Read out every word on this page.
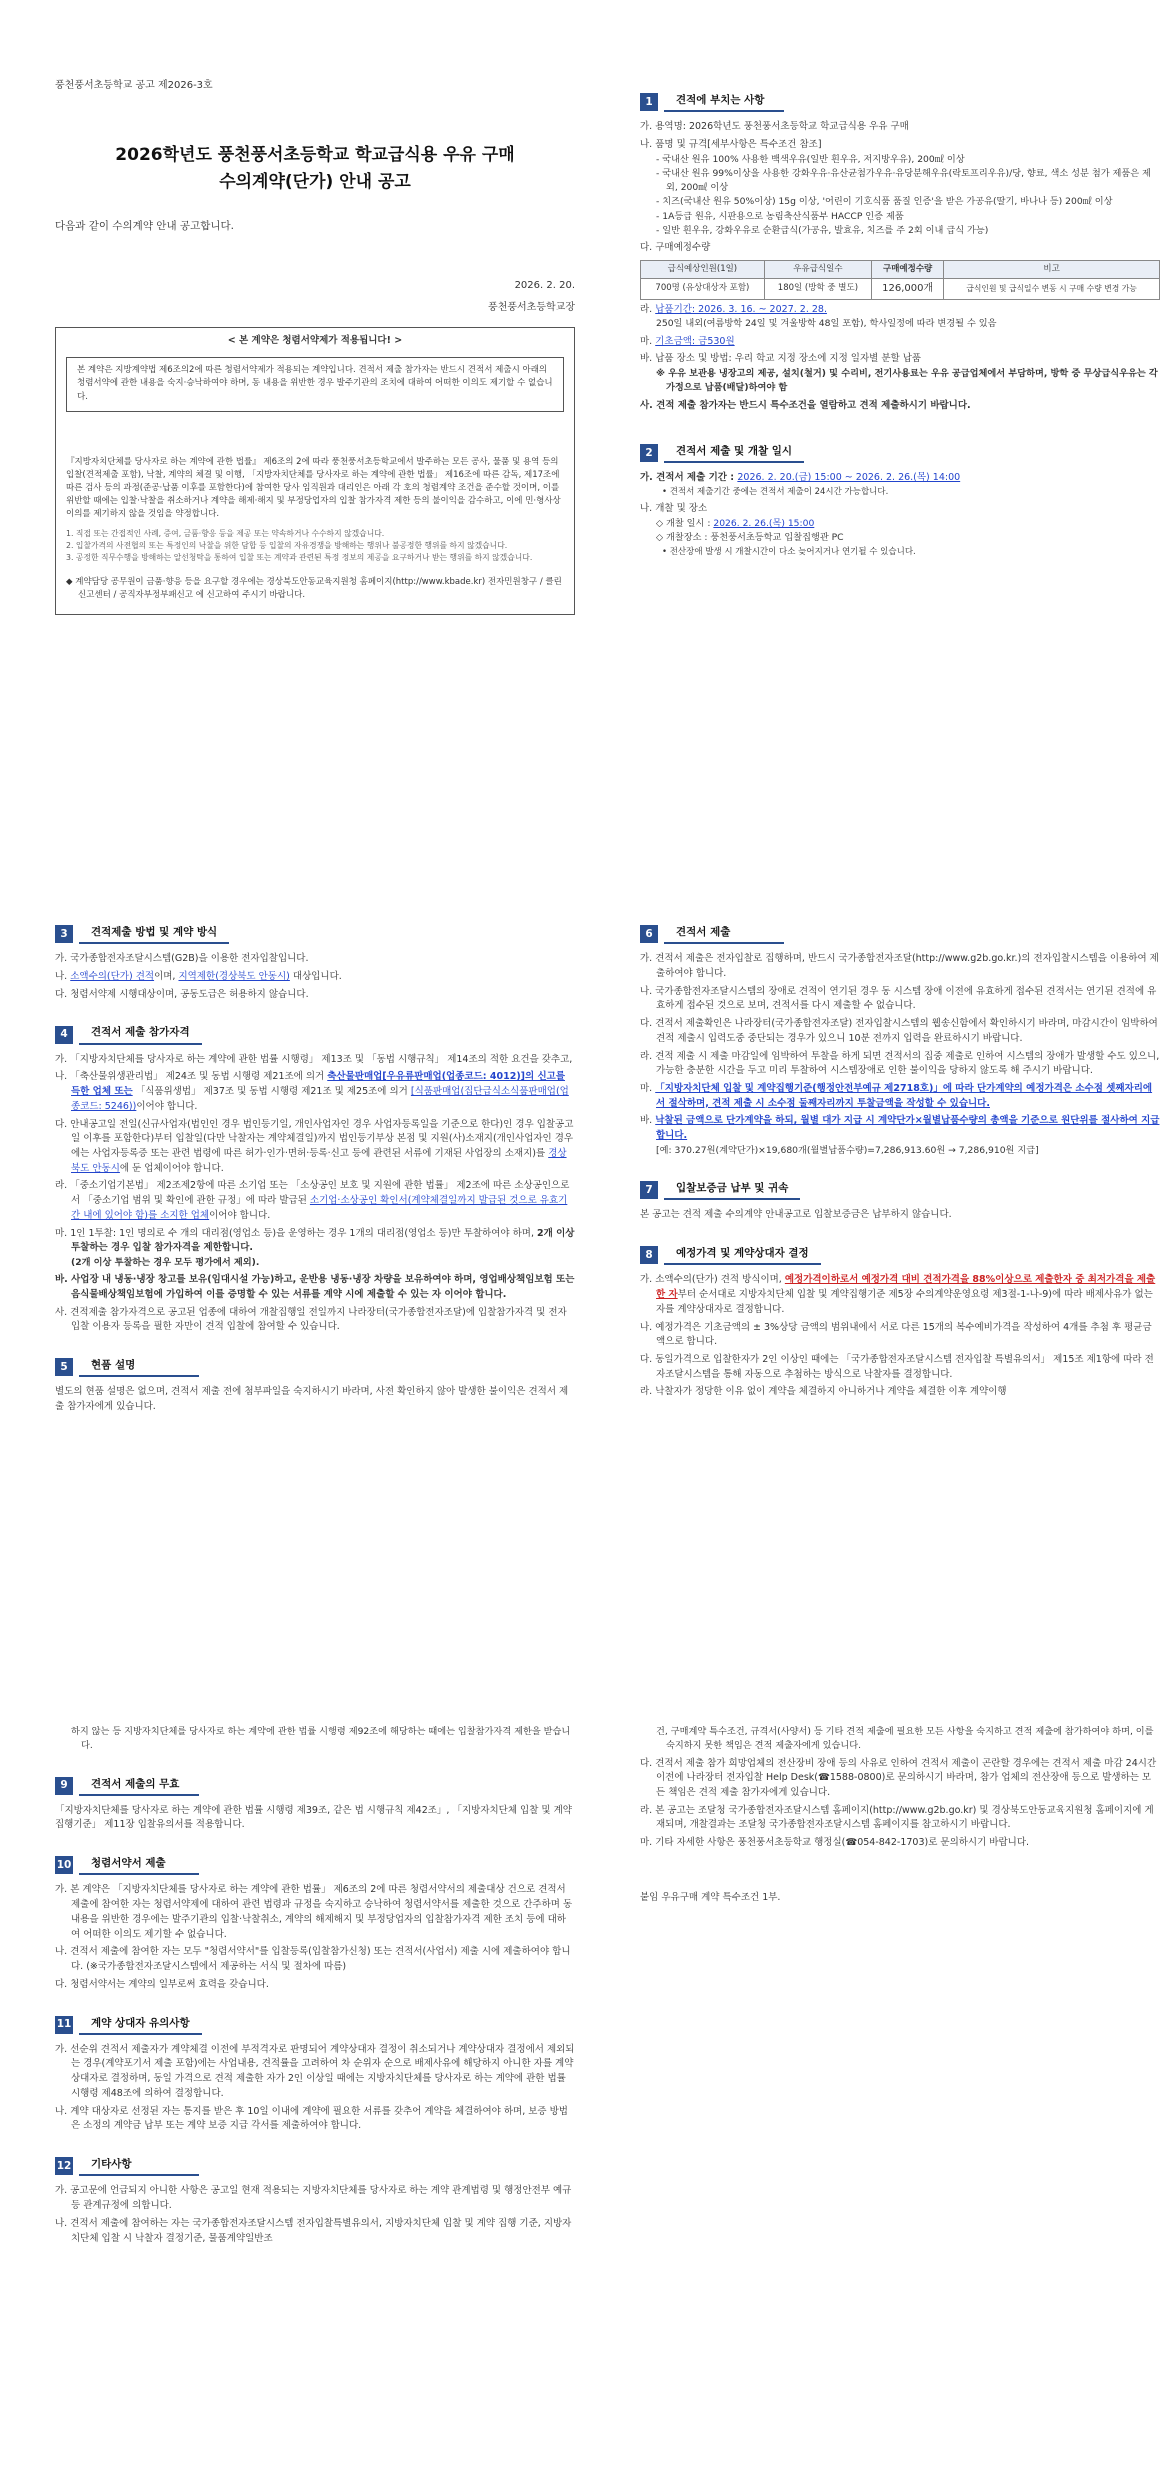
풍천풍서초등학교 공고 제2026-3호
2026학년도 풍천풍서초등학교 학교급식용 우유 구매
수의계약(단가) 안내 공고
다음과 같이 수의계약 안내 공고합니다.
2026. 2. 20.
풍천풍서초등학교장
< 본 계약은 청렴서약제가 적용됩니다! >
본 계약은 지방계약법 제6조의2에 따른 청렴서약제가 적용되는 계약입니다. 견적서 제출 참가자는 반드시 견적서 제출시 아래의 청렴서약에 관한 내용을 숙지·승낙하여야 하며, 동 내용을 위반한 경우 발주기관의 조치에 대하여 어떠한 이의도 제기할 수 없습니다.

『지방자치단체를 당사자로 하는 계약에 관한 법률』 제6조의 2에 따라 풍천풍서초등학교에서 발주하는 모든 공사, 물품 및 용역 등의 입찰(견적제출 포함), 낙찰, 계약의 체결 및 이행, 「지방자치단체를 당사자로 하는 계약에 관한 법률」 제16조에 따른 감독, 제17조에 따른 검사 등의 과정(준공·납품 이후를 포함한다)에 참여한 당사 임직원과 대리인은 아래 각 호의 청렴계약 조건을 준수할 것이며, 이를 위반할 때에는 입찰·낙찰을 취소하거나 계약을 해제·해지 및 부정당업자의 입찰 참가자격 제한 등의 불이익을 감수하고, 이에 민·형사상 이의를 제기하지 않을 것임을 약정합니다.

1. 직접 또는 간접적인 사례, 증여, 금품·향응 등을 제공 또는 약속하거나 수수하지 않겠습니다.
2. 입찰가격의 사전협의 또는 특정인의 낙찰을 위한 담합 등 입찰의 자유경쟁을 방해하는 행위나 불공정한 행위를 하지 않겠습니다.
3. 공정한 직무수행을 방해하는 알선청탁을 통하여 입찰 또는 계약과 관련된 특정 정보의 제공을 요구하거나 받는 행위를 하지 않겠습니다.
◆ 계약담당 공무원이 금품·향응 등을 요구할 경우에는 경상북도안동교육지원청 홈페이지(http://www.kbade.kr) 전자민원창구 / 클린신고센터 / 공직자부정부패신고 에 신고하여 주시기 바랍니다.
1	견적에 부치는 사항
가. 용역명: 2026학년도 풍천풍서초등학교 학교급식용 우유 구매
나. 품명 및 규격[세부사항은 특수조건 참조]
- 국내산 원유 100% 사용한 백색우유(일반 흰우유, 저지방우유), 200㎖ 이상
- 국내산 원유 99%이상을 사용한 강화우유·유산균첨가우유·유당분해우유(락토프리우유)/당, 향료, 색소 성분 첨가 제품은 제외, 200㎖ 이상
- 치즈(국내산 원유 50%이상) 15g 이상, '어린이 기호식품 품질 인증'을 받은 가공유(딸기, 바나나 등) 200㎖ 이상
- 1A등급 원유, 시판용으로 농림축산식품부 HACCP 인증 제품
- 일반 흰우유, 강화우유로 순환급식(가공유, 발효유, 치즈를 주 2회 이내 급식 가능)
다. 구매예정수량
급식예상인원(1일)	우유급식일수	구매예정수량	비고
700명 (유상대상자 포함)	180일 (방학 중 별도)	126,000개	급식인원 및 급식일수 변동 시 구매 수량 변경 가능
라. 납품기간: 2026. 3. 16. ~ 2027. 2. 28.
250일 내외(여름방학 24일 및 겨울방학 48일 포함), 학사일정에 따라 변경될 수 있음
마. 기초금액: 금530원
바. 납품 장소 및 방법: 우리 학교 지정 장소에 지정 일자별 분할 납품
※ 우유 보관용 냉장고의 제공, 설치(철거) 및 수리비, 전기사용료는 우유 공급업체에서 부담하며, 방학 중 무상급식우유는 각 가정으로 납품(배달)하여야 함
사. 견적 제출 참가자는 반드시 특수조건을 열람하고 견적 제출하시기 바랍니다.
2	견적서 제출 및 개찰 일시
가. 견적서 제출 기간 : 2026. 2. 20.(금) 15:00 ~ 2026. 2. 26.(목) 14:00
• 견적서 제출기간 중에는 견적서 제출이 24시간 가능합니다.
나. 개찰 및 장소
◇ 개찰 일시 : 2026. 2. 26.(목) 15:00
◇ 개찰장소 : 풍천풍서초등학교 입찰집행관 PC
• 전산장애 발생 시 개찰시간이 다소 늦어지거나 연기될 수 있습니다.
3	견적제출 방법 및 계약 방식
가. 국가종합전자조달시스템(G2B)을 이용한 전자입찰입니다.
나. 소액수의(단가) 견적이며, 지역제한(경상북도 안동시) 대상입니다.
다. 청렴서약제 시행대상이며, 공동도급은 허용하지 않습니다.
4	견적서 제출 참가자격
가. 「지방자치단체를 당사자로 하는 계약에 관한 법률 시행령」 제13조 및 「동법 시행규칙」 제14조의 적한 요건을 갖추고,
나. 「축산물위생관리법」 제24조 및 동법 시행령 제21조에 의거 축산물판매업[우유류판매업(업종코드: 4012)]의 신고를 득한 업체 또는 「식품위생법」 제37조 및 동법 시행령 제21조 및 제25조에 의거 [식품판매업(집단급식소식품판매업(업종코드: 5246))이어야 합니다.
다. 안내공고일 전일(신규사업자(법인인 경우 법인등기일, 개인사업자인 경우 사업자등록일을 기준으로 한다)인 경우 입찰공고일 이후를 포함한다)부터 입찰일(다만 낙찰자는 계약체결일)까지 법인등기부상 본점 및 지원(사)소재지(개인사업자인 경우에는 사업자등록증 또는 관련 법령에 따른 허가·인가·면허·등록·신고 등에 관련된 서류에 기재된 사업장의 소재지)를 경상북도 안동시에 둔 업체이어야 합니다.
라. 「중소기업기본법」 제2조제2항에 따른 소기업 또는 「소상공인 보호 및 지원에 관한 법률」 제2조에 따른 소상공인으로서 「중소기업 범위 및 확인에 관한 규정」에 따라 발급된 소기업·소상공인 확인서(계약체결일까지 발급된 것으로 유효기간 내에 있어야 함)를 소지한 업체이어야 합니다.
마. 1인 1투찰: 1인 명의로 수 개의 대리점(영업소 등)을 운영하는 경우 1개의 대리점(영업소 등)만 투찰하여야 하며, 2개 이상 투찰하는 경우 입찰 참가자격을 제한합니다.
(2개 이상 투찰하는 경우 모두 평가에서 제외).
바. 사업장 내 냉동·냉장 창고를 보유(임대시설 가능)하고, 운반용 냉동·냉장 차량을 보유하여야 하며, 영업배상책임보험 또는 음식물배상책임보험에 가입하여 이를 증명할 수 있는 서류를 계약 시에 제출할 수 있는 자 이어야 합니다.
사. 견적제출 참가자격으로 공고된 업종에 대하여 개찰집행일 전일까지 나라장터(국가종합전자조달)에 입찰참가자격 및 전자입찰 이용자 등록을 필한 자만이 견적 입찰에 참여할 수 있습니다.
5	현품 설명
별도의 현품 설명은 없으며, 견적서 제출 전에 첨부파일을 숙지하시기 바라며, 사전 확인하지 않아 발생한 불이익은 견적서 제출 참가자에게 있습니다.
6	견적서 제출
가. 견적서 제출은 전자입찰로 집행하며, 반드시 국가종합전자조달(http://www.g2b.go.kr.)의 전자입찰시스템을 이용하여 제출하여야 합니다.
나. 국가종합전자조달시스템의 장애로 견적이 연기된 경우 동 시스템 장애 이전에 유효하게 접수된 견적서는 연기된 견적에 유효하게 접수된 것으로 보며, 견적서를 다시 제출할 수 없습니다.
다. 견적서 제출확인은 나라장터(국가종합전자조달) 전자입찰시스템의 웹송신함에서 확인하시기 바라며, 마감시간이 임박하여 견적 제출시 입력도중 중단되는 경우가 있으니 10분 전까지 입력을 완료하시기 바랍니다.
라. 견적 제출 시 제출 마감일에 임박하여 투찰을 하게 되면 견적서의 집중 제출로 인하여 시스템의 장애가 발생할 수도 있으니, 가능한 충분한 시간을 두고 미리 투찰하여 시스템장애로 인한 불이익을 당하지 않도록 해 주시기 바랍니다.
마. 「지방자치단체 입찰 및 계약집행기준(행정안전부예규 제2718호)」에 따라 단가계약의 예정가격은 소수점 셋째자리에서 절삭하며, 견적 제출 시 소수점 둘째자리까지 투찰금액을 작성할 수 있습니다.
바. 낙찰된 금액으로 단가계약을 하되, 월별 대가 지급 시 계약단가×월별납품수량의 총액을 기준으로 원단위를 절사하여 지급합니다.
[예: 370.27원(계약단가)×19,680개(월별납품수량)=7,286,913.60원 → 7,286,910원 지급]
7	입찰보증금 납부 및 귀속
본 공고는 견적 제출 수의계약 안내공고로 입찰보증금은 납부하지 않습니다.
8	예정가격 및 계약상대자 결정
가. 소액수의(단가) 견적 방식이며, 예정가격이하로서 예정가격 대비 견적가격을 88%이상으로 제출한자 중 최저가격을 제출한 자부터 순서대로 지방자치단체 입찰 및 계약집행기준 제5장 수의계약운영요령 제3절-1-나-9)에 따라 배제사유가 없는 자를 계약상대자로 결정합니다.
나. 예정가격은 기초금액의 ± 3%상당 금액의 범위내에서 서로 다른 15개의 복수예비가격을 작성하여 4개를 추첨 후 평균금액으로 합니다.
다. 동일가격으로 입찰한자가 2인 이상인 때에는 「국가종합전자조달시스템 전자입찰 특별유의서」 제15조 제1항에 따라 전자조달시스템을 통해 자동으로 추첨하는 방식으로 낙찰자를 결정합니다.
라. 낙찰자가 정당한 이유 없이 계약을 체결하지 아니하거나 계약을 체결한 이후 계약이행
하지 않는 등 지방자치단체를 당사자로 하는 계약에 관한 법률 시행령 제92조에 해당하는 때에는 입찰참가자격 제한을 받습니다.
9	견적서 제출의 무효
「지방자치단체를 당사자로 하는 계약에 관한 법률 시행령 제39조, 같은 법 시행규칙 제42조」, 「지방자치단체 입찰 및 계약집행기준」 제11장 입찰유의서를 적용합니다.
10	청렴서약서 제출
가. 본 계약은 「지방자치단체를 당사자로 하는 계약에 관한 법률」 제6조의 2에 따른 청렴서약서의 제출대상 건으로 견적서 제출에 참여한 자는 청렴서약제에 대하여 관련 법령과 규정을 숙지하고 승낙하여 청렴서약서를 제출한 것으로 간주하며 동 내용을 위반한 경우에는 발주기관의 입찰·낙찰취소, 계약의 해제해지 및 부정당업자의 입찰참가자격 제한 조치 등에 대하여 어떠한 이의도 제기할 수 없습니다.
나. 견적서 제출에 참여한 자는 모두 "청렴서약서"를 입찰등록(입찰참가신청) 또는 견적서(사업서) 제출 시에 제출하여야 합니다. (※국가종합전자조달시스템에서 제공하는 서식 및 절차에 따름)
다. 청렴서약서는 계약의 일부로써 효력을 갖습니다.
11	계약 상대자 유의사항
가. 선순위 견적서 제출자가 계약체결 이전에 부적격자로 판명되어 계약상대자 결정이 취소되거나 계약상대자 결정에서 제외되는 경우(계약포기서 제출 포함)에는 사업내용, 견적률을 고려하여 차 순위자 순으로 배제사유에 해당하지 아니한 자를 계약상대자로 결정하며, 동일 가격으로 견적 제출한 자가 2인 이상일 때에는 지방자치단체를 당사자로 하는 계약에 관한 법률 시행령 제48조에 의하여 결정합니다.
나. 계약 대상자로 선정된 자는 통지를 받은 후 10일 이내에 계약에 필요한 서류를 갖추어 계약을 체결하여야 하며, 보증 방법은 소정의 계약금 납부 또는 계약 보증 지급 각서를 제출하여야 합니다.
12	기타사항
가. 공고문에 언급되지 아니한 사항은 공고일 현재 적용되는 지방자치단체를 당사자로 하는 계약 관계법령 및 행정안전부 예규 등 관계규정에 의합니다.
나. 견적서 제출에 참여하는 자는 국가종합전자조달시스템 전자입찰특별유의서, 지방자치단체 입찰 및 계약 집행 기준, 지방자치단체 입찰 시 낙찰자 결정기준, 물품계약일반조
건, 구매계약 특수조건, 규격서(사양서) 등 기타 견적 제출에 필요한 모든 사항을 숙지하고 견적 제출에 참가하여야 하며, 이를 숙지하지 못한 책임은 견적 제출자에게 있습니다.
다. 견적서 제출 참가 희망업체의 전산장비 장애 등의 사유로 인하여 견적서 제출이 곤란할 경우에는 견적서 제출 마감 24시간 이전에 나라장터 전자입찰 Help Desk(☎1588-0800)로 문의하시기 바라며, 참가 업체의 전산장애 등으로 발생하는 모든 책임은 견적 제출 참가자에게 있습니다.
라. 본 공고는 조달청 국가종합전자조달시스템 홈페이지(http://www.g2b.go.kr) 및 경상북도안동교육지원청 홈페이지에 게재되며, 개찰결과는 조달청 국가종합전자조달시스템 홈페이지를 참고하시기 바랍니다.
마. 기타 자세한 사항은 풍천풍서초등학교 행정실(☎054-842-1703)로 문의하시기 바랍니다.
붙임 우유구매 계약 특수조건 1부.
